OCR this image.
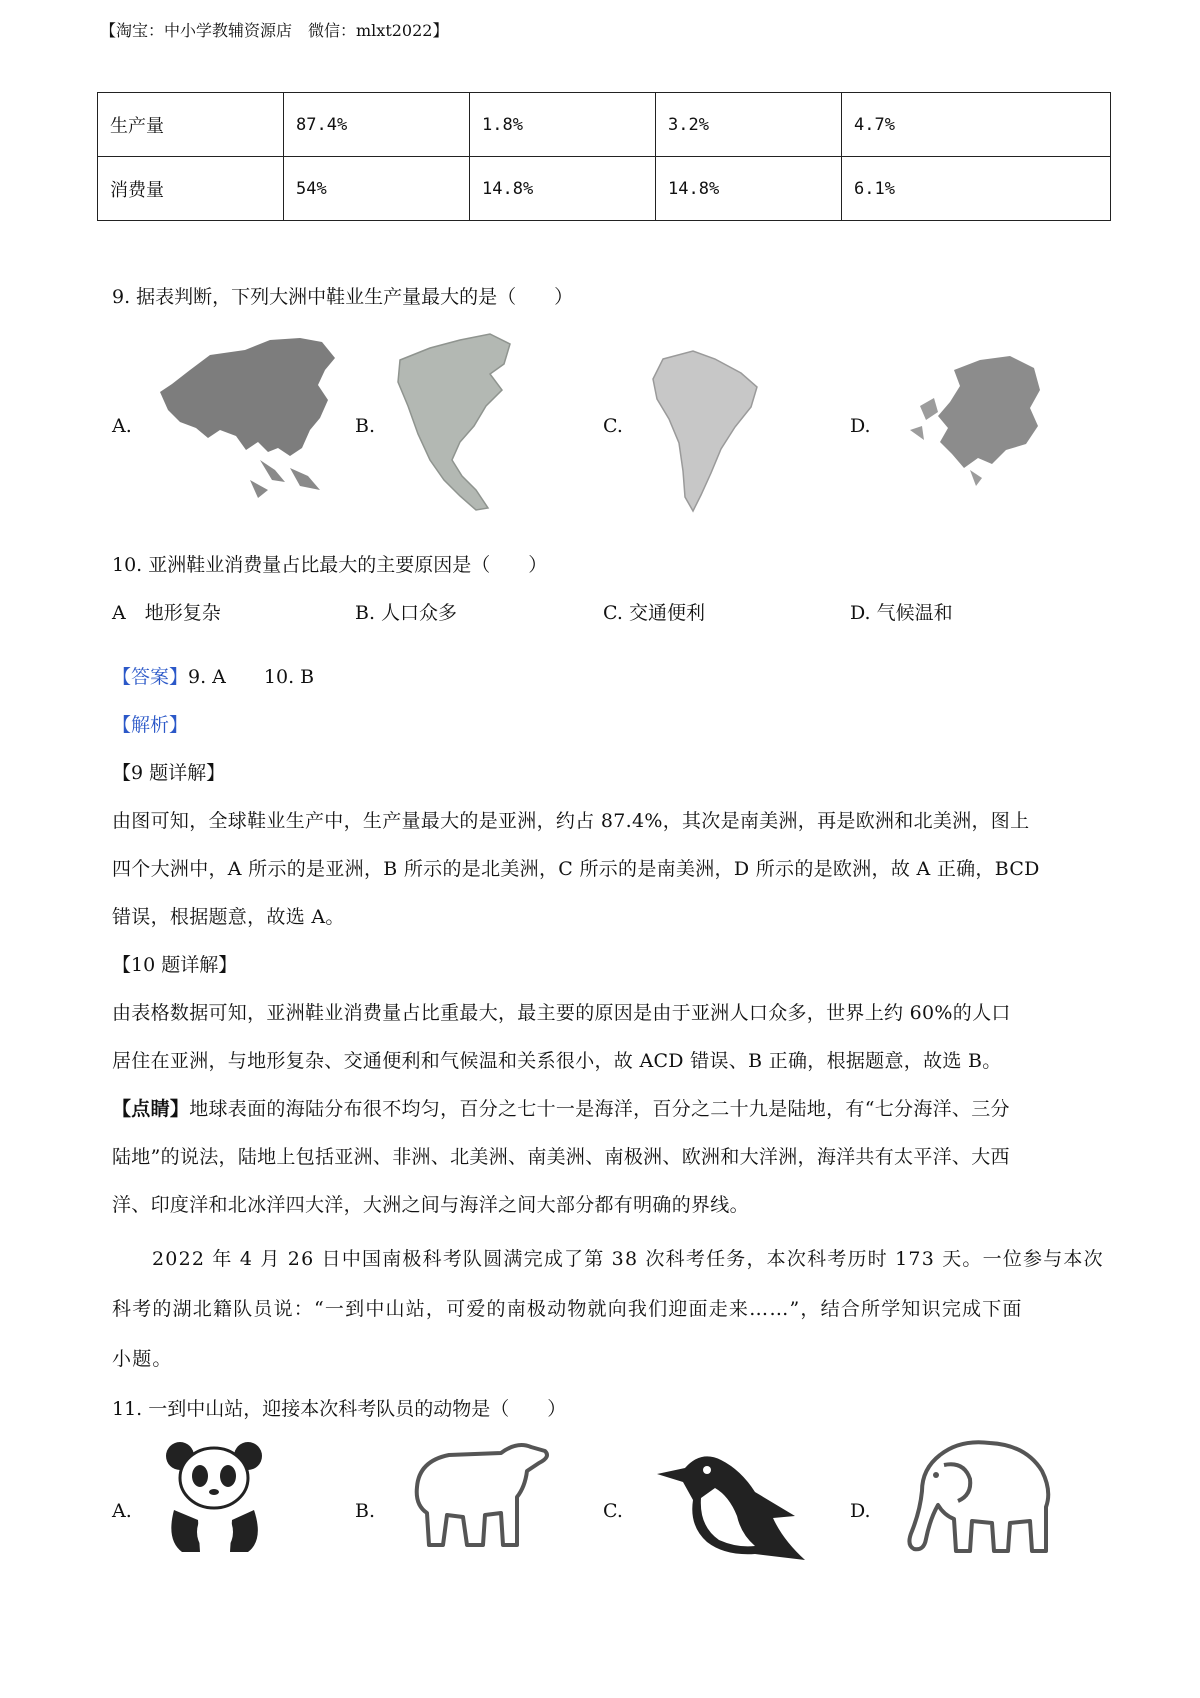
【淘宝：中小学教辅资源店　微信：mlxt2022】
生产量	87.4%	1.8%	3.2%	4.7%
消费量	54%	14.8%	14.8%	6.1%
9. 据表判断，下列大洲中鞋业生产量最大的是（　　）
A.	B.	C.	D.
10. 亚洲鞋业消费量占比最大的主要原因是（　　）
A　地形复杂	B. 人口众多	C. 交通便利	D. 气候温和
【答案】9. A　　10. B
【解析】
【9 题详解】
由图可知，全球鞋业生产中，生产量最大的是亚洲，约占 87.4%，其次是南美洲，再是欧洲和北美洲，图上
四个大洲中，A 所示的是亚洲，B 所示的是北美洲，C 所示的是南美洲，D 所示的是欧洲，故 A 正确，BCD
错误，根据题意，故选 A。
【10 题详解】
由表格数据可知，亚洲鞋业消费量占比重最大，最主要的原因是由于亚洲人口众多，世界上约 60%的人口
居住在亚洲，与地形复杂、交通便利和气候温和关系很小，故 ACD 错误、B 正确，根据题意，故选 B。
【点睛】地球表面的海陆分布很不均匀，百分之七十一是海洋，百分之二十九是陆地，有“七分海洋、三分
陆地”的说法，陆地上包括亚洲、非洲、北美洲、南美洲、南极洲、欧洲和大洋洲，海洋共有太平洋、大西
洋、印度洋和北冰洋四大洋，大洲之间与海洋之间大部分都有明确的界线。
2022 年 4 月 26 日中国南极科考队圆满完成了第 38 次科考任务，本次科考历时 173 天。一位参与本次
科考的湖北籍队员说：“一到中山站，可爱的南极动物就向我们迎面走来……”，结合所学知识完成下面
小题。
11. 一到中山站，迎接本次科考队员的动物是（　　）
A.	B.	C.	D.
